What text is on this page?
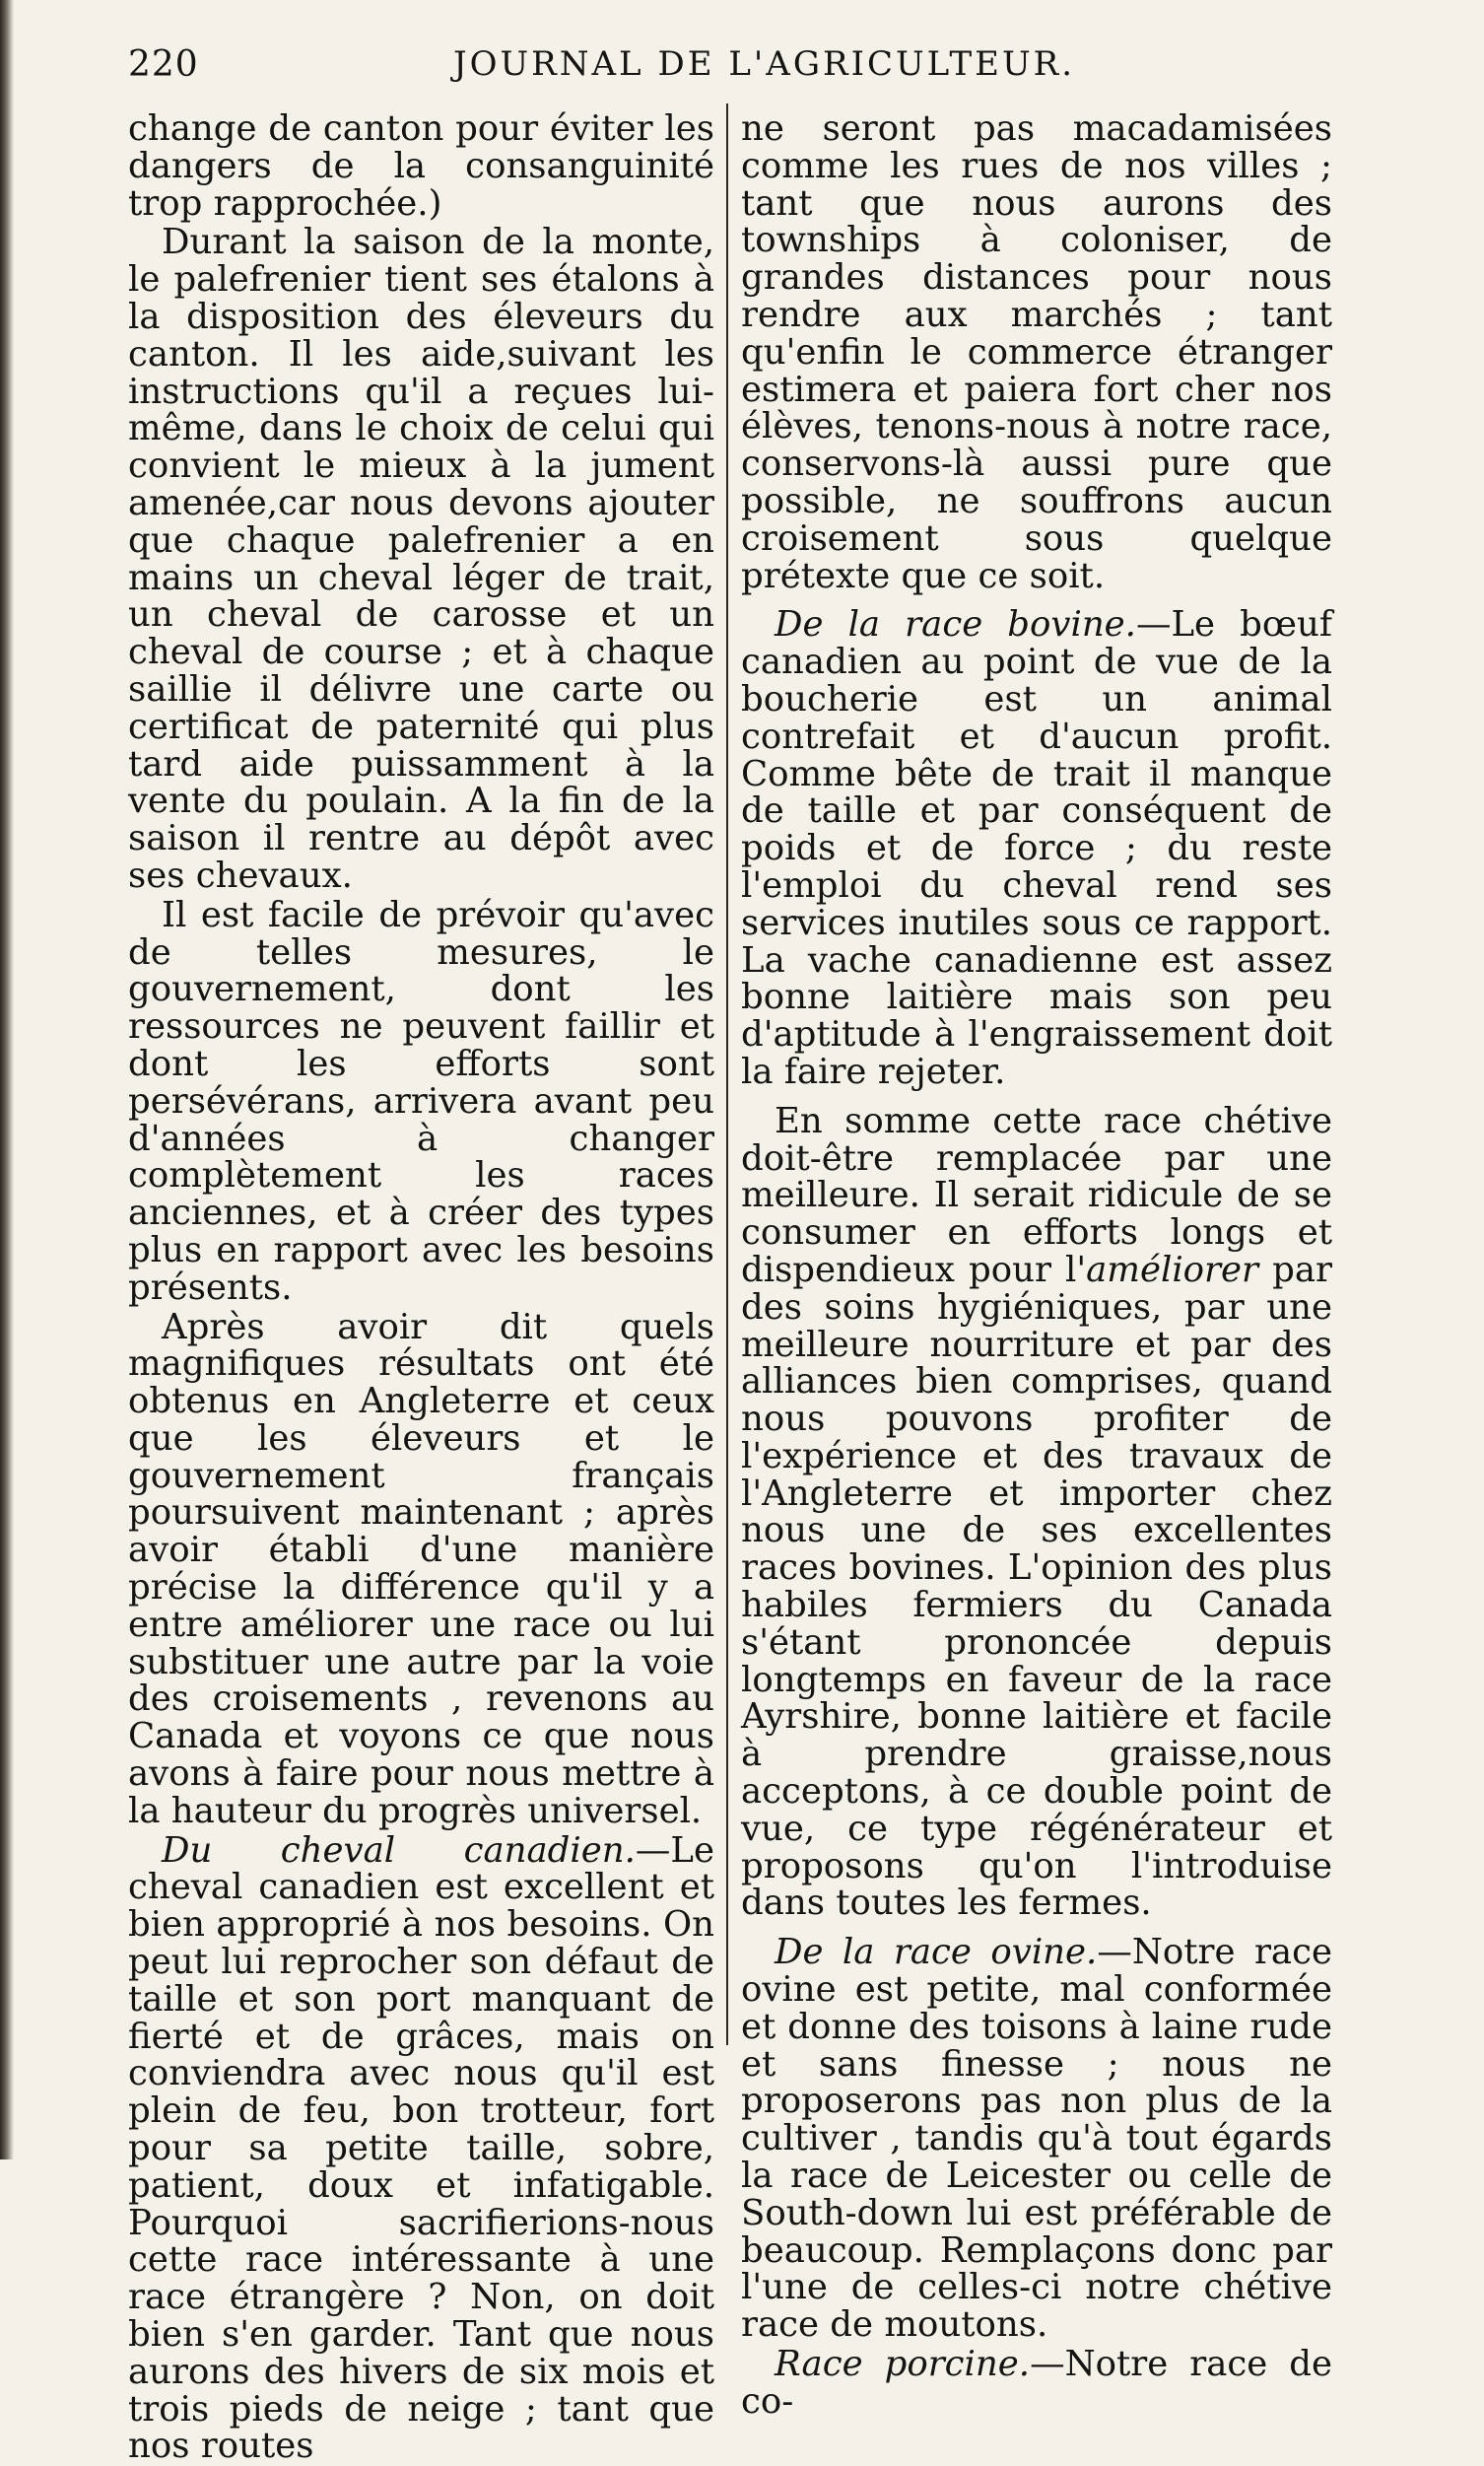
220	JOURNAL DE L'AGRICULTEUR.

change de canton pour éviter les dangers de la consanguinité trop rapprochée.)

Durant la saison de la monte, le palefrenier tient ses étalons à la disposition des éleveurs du canton. Il les aide,suivant les instructions qu'il a reçues lui-même, dans le choix de celui qui convient le mieux à la jument amenée,car nous devons ajouter que chaque palefrenier a en mains un cheval léger de trait, un cheval de carosse et un cheval de course ; et à chaque saillie il délivre une carte ou certificat de paternité qui plus tard aide puissamment à la vente du poulain. A la fin de la saison il rentre au dépôt avec ses chevaux.

Il est facile de prévoir qu'avec de telles mesures, le gouvernement, dont les ressources ne peuvent faillir et dont les efforts sont persévérans, arrivera avant peu d'années à changer complètement les races anciennes, et à créer des types plus en rapport avec les besoins présents.

Après avoir dit quels magnifiques résultats ont été obtenus en Angleterre et ceux que les éleveurs et le gouvernement français poursuivent maintenant ; après avoir établi d'une manière précise la différence qu'il y a entre améliorer une race ou lui substituer une autre par la voie des croisements , revenons au Canada et voyons ce que nous avons à faire pour nous mettre à la hauteur du progrès universel.

Du cheval canadien.—Le cheval canadien est excellent et bien approprié à nos besoins. On peut lui reprocher son défaut de taille et son port manquant de fierté et de grâces, mais on conviendra avec nous qu'il est plein de feu, bon trotteur, fort pour sa petite taille, sobre, patient, doux et infatigable. Pourquoi sacrifierions-nous cette race intéressante à une race étrangère ? Non, on doit bien s'en garder. Tant que nous aurons des hivers de six mois et trois pieds de neige ; tant que nos routes

ne seront pas macadamisées comme les rues de nos villes ; tant que nous aurons des townships à coloniser, de grandes distances pour nous rendre aux marchés ; tant qu'enfin le commerce étranger estimera et paiera fort cher nos élèves, tenons-nous à notre race, conservons-là aussi pure que possible, ne souffrons aucun croisement sous quelque prétexte que ce soit.

De la race bovine.—Le bœuf canadien au point de vue de la boucherie est un animal contrefait et d'aucun profit. Comme bête de trait il manque de taille et par conséquent de poids et de force ; du reste l'emploi du cheval rend ses services inutiles sous ce rapport. La vache canadienne est assez bonne laitière mais son peu d'aptitude à l'engraissement doit la faire rejeter.

En somme cette race chétive doit-être remplacée par une meilleure. Il serait ridicule de se consumer en efforts longs et dispendieux pour l'améliorer par des soins hygiéniques, par une meilleure nourriture et par des alliances bien comprises, quand nous pouvons profiter de l'expérience et des travaux de l'Angleterre et importer chez nous une de ses excellentes races bovines. L'opinion des plus habiles fermiers du Canada s'étant prononcée depuis longtemps en faveur de la race Ayrshire, bonne laitière et facile à prendre graisse,nous acceptons, à ce double point de vue, ce type régénérateur et proposons qu'on l'introduise dans toutes les fermes.

De la race ovine.—Notre race ovine est petite, mal conformée et donne des toisons à laine rude et sans finesse ; nous ne proposerons pas non plus de la cultiver , tandis qu'à tout égards la race de Leicester ou celle de South-down lui est préférable de beaucoup. Remplaçons donc par l'une de celles-ci notre chétive race de moutons.

Race porcine.—Notre race de co-
